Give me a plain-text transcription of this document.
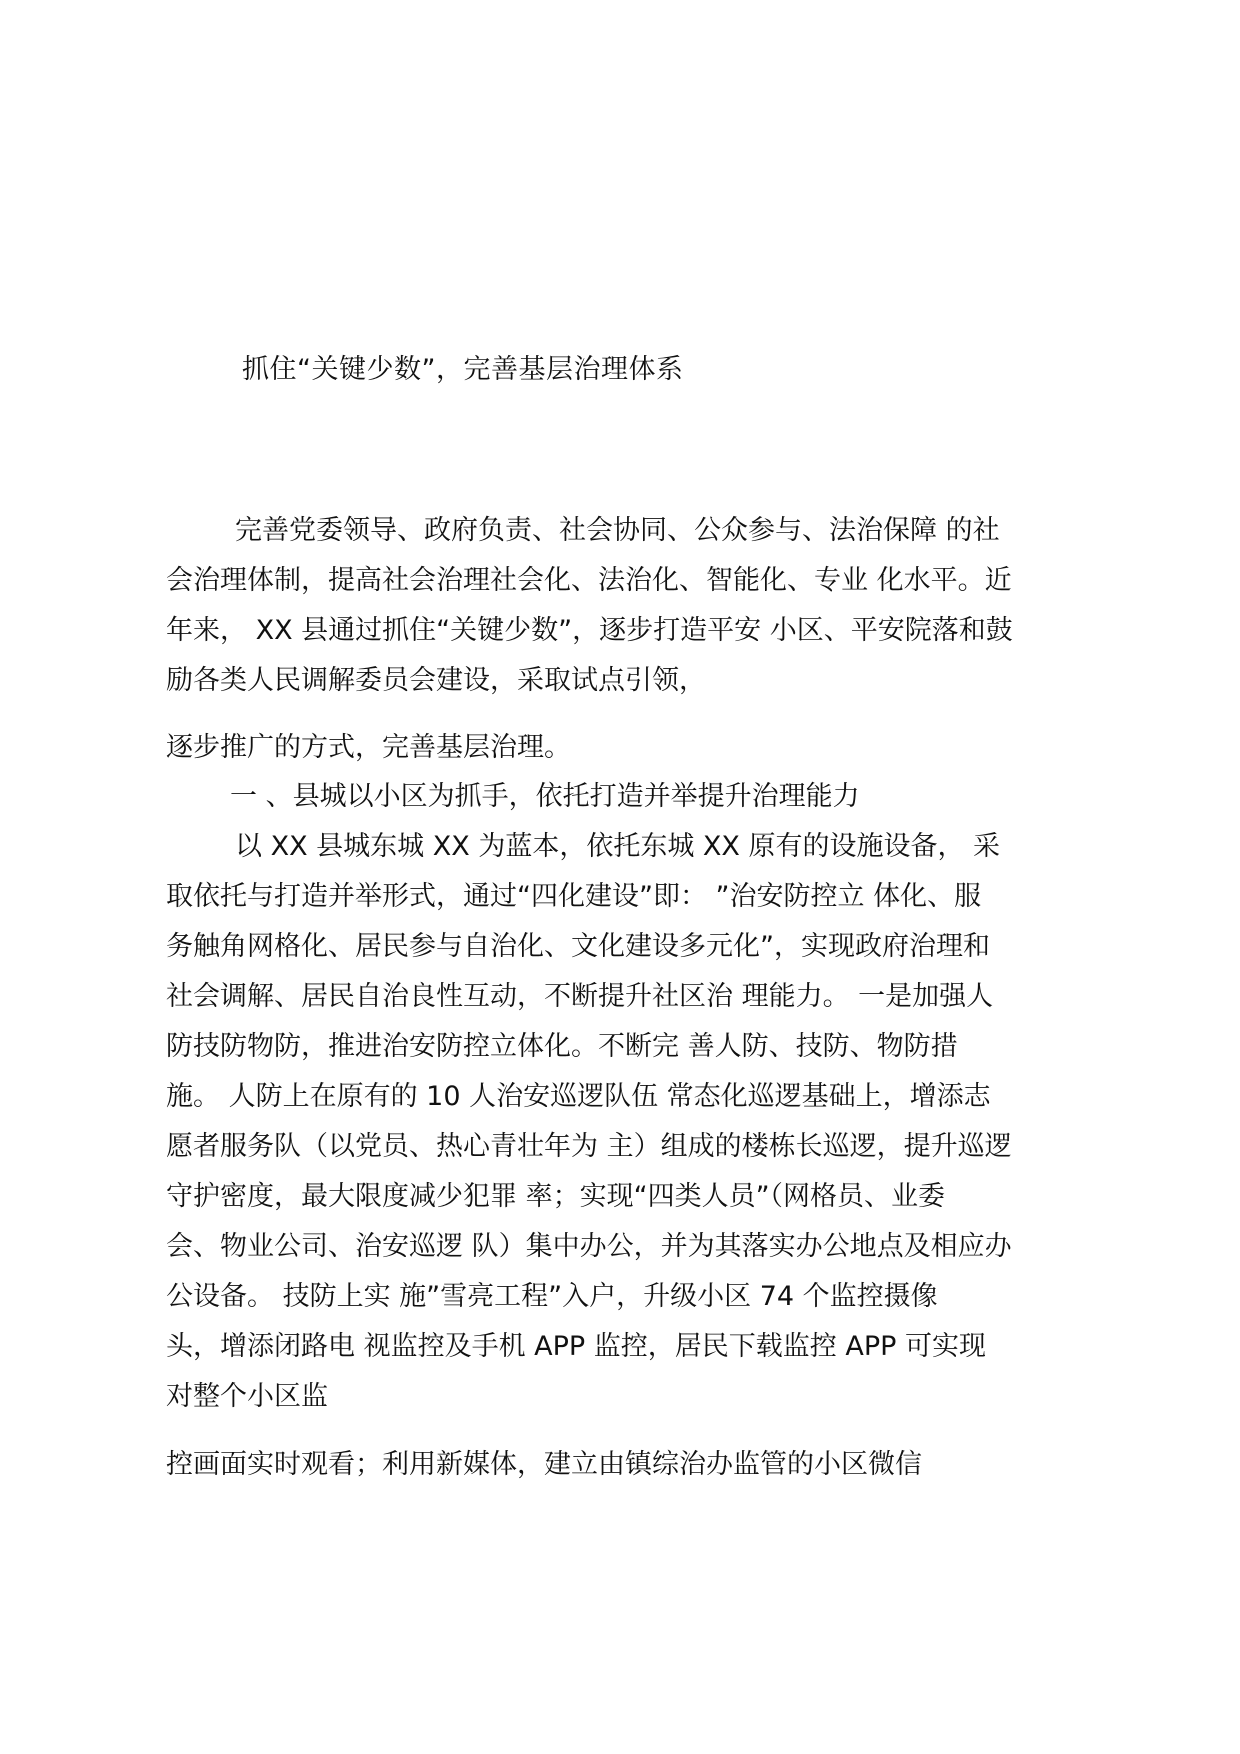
抓住“关键少数”，完善基层治理体系
完善党委领导、政府负责、社会协同、公众参与、法治保障 的社
会治理体制，提高社会治理社会化、法治化、智能化、专业 化水平。近
年来， XX 县通过抓住“关键少数”，逐步打造平安 小区、平安院落和鼓
励各类人民调解委员会建设，采取试点引领，
逐步推广的方式，完善基层治理。
一 、县城以小区为抓手，依托打造并举提升治理能力
以 XX 县城东城 XX 为蓝本，依托东城 XX 原有的设施设备， 采
取依托与打造并举形式，通过“四化建设”即： ”治安防控立 体化、服
务触角网格化、居民参与自治化、文化建设多元化”，实现政府治理和
社会调解、居民自治良性互动，不断提升社区治 理能力。 一是加强人
防技防物防，推进治安防控立体化。不断完 善人防、技防、物防措
施。 人防上在原有的 10 人治安巡逻队伍 常态化巡逻基础上，增添志
愿者服务队（以党员、热心青壮年为 主）组成的楼栋长巡逻，提升巡逻
守护密度，最大限度减少犯罪 率；实现“四类人员”（网格员、业委
会、物业公司、治安巡逻 队）集中办公，并为其落实办公地点及相应办
公设备。 技防上实 施”雪亮工程”入户，升级小区 74 个监控摄像
头，增添闭路电 视监控及手机 APP 监控，居民下载监控 APP 可实现
对整个小区监
控画面实时观看；利用新媒体，建立由镇综治办监管的小区微信
